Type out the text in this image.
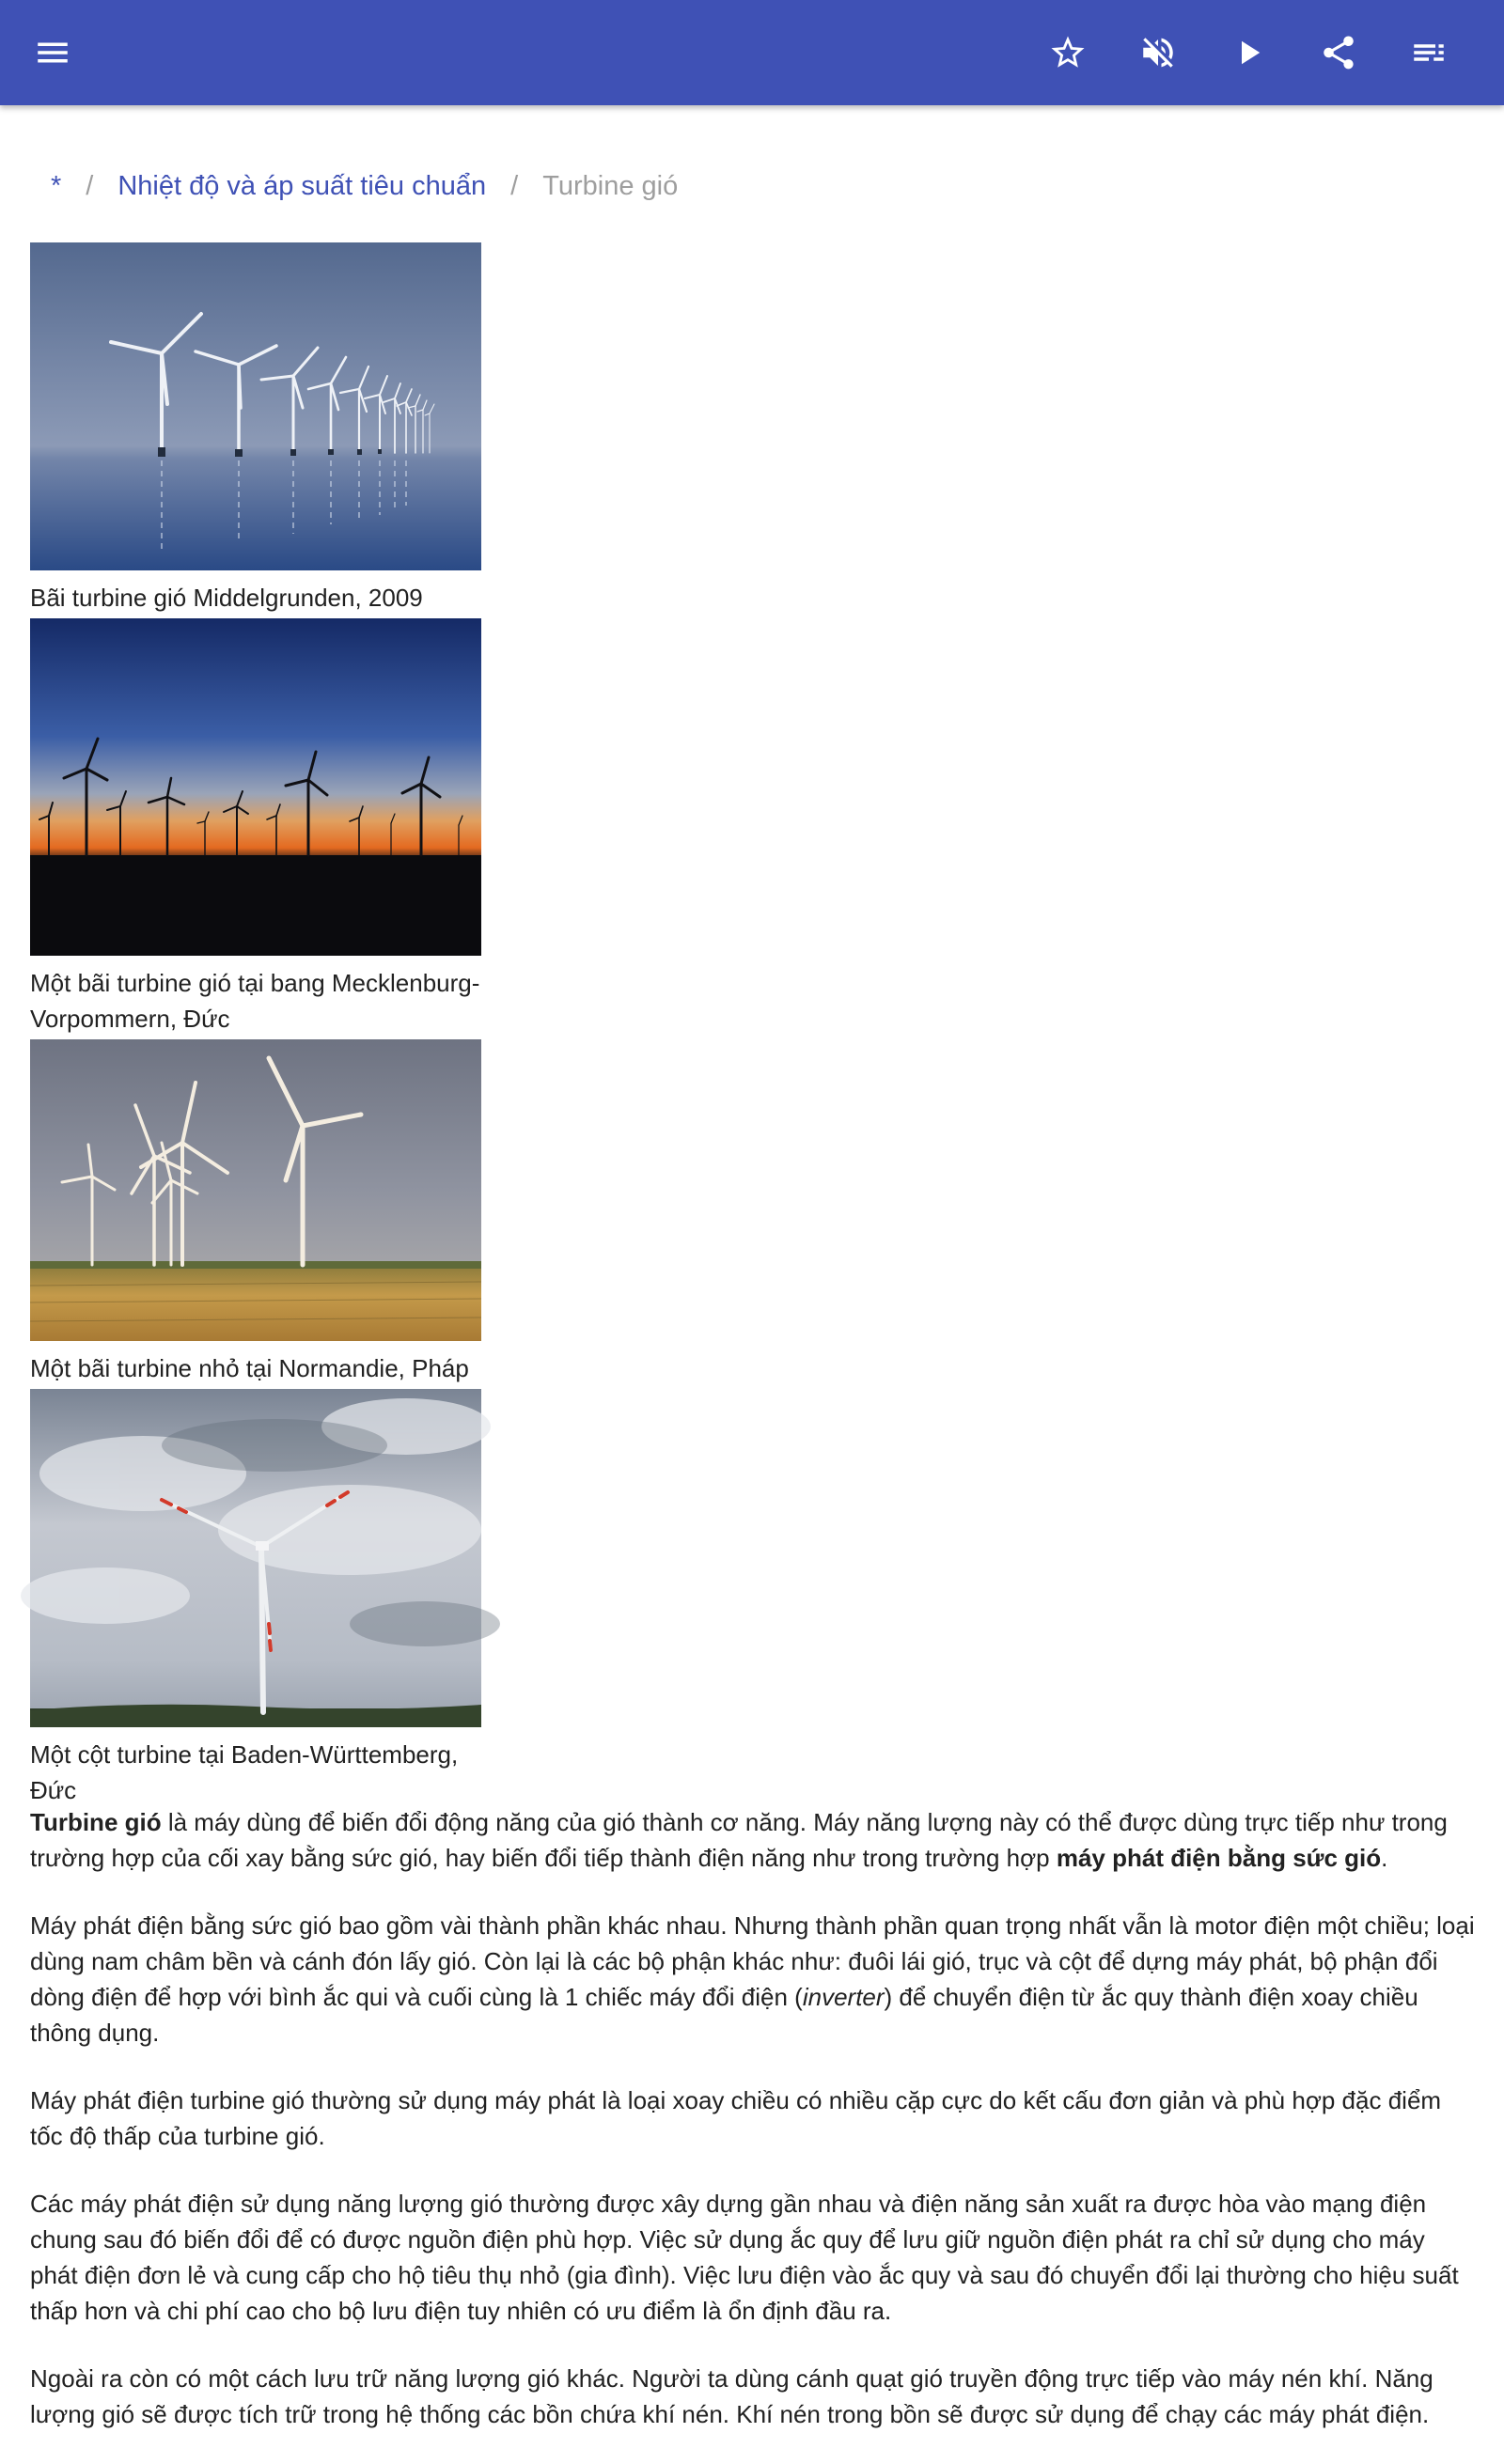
* / Nhiệt độ và áp suất tiêu chuẩn / Turbine gió
Bãi turbine gió Middelgrunden, 2009
Một bãi turbine gió tại bang Mecklenburg-Vorpommern, Đức
Một bãi turbine nhỏ tại Normandie, Pháp
Một cột turbine tại Baden-Württemberg, Đức

Turbine gió là máy dùng để biến đổi động năng của gió thành cơ năng. Máy năng lượng này có thể được dùng trực tiếp như trong trường hợp của cối xay bằng sức gió, hay biến đổi tiếp thành điện năng như trong trường hợp máy phát điện bằng sức gió.

Máy phát điện bằng sức gió bao gồm vài thành phần khác nhau. Nhưng thành phần quan trọng nhất vẫn là motor điện một chiều; loại dùng nam châm bền và cánh đón lấy gió. Còn lại là các bộ phận khác như: đuôi lái gió, trục và cột để dựng máy phát, bộ phận đổi dòng điện để hợp với bình ắc qui và cuối cùng là 1 chiếc máy đổi điện (inverter) để chuyển điện từ ắc quy thành điện xoay chiều thông dụng.

Máy phát điện turbine gió thường sử dụng máy phát là loại xoay chiều có nhiều cặp cực do kết cấu đơn giản và phù hợp đặc điểm tốc độ thấp của turbine gió.

Các máy phát điện sử dụng năng lượng gió thường được xây dựng gần nhau và điện năng sản xuất ra được hòa vào mạng điện chung sau đó biến đổi để có được nguồn điện phù hợp. Việc sử dụng ắc quy để lưu giữ nguồn điện phát ra chỉ sử dụng cho máy phát điện đơn lẻ và cung cấp cho hộ tiêu thụ nhỏ (gia đình). Việc lưu điện vào ắc quy và sau đó chuyển đổi lại thường cho hiệu suất thấp hơn và chi phí cao cho bộ lưu điện tuy nhiên có ưu điểm là ổn định đầu ra.

Ngoài ra còn có một cách lưu trữ năng lượng gió khác. Người ta dùng cánh quạt gió truyền động trực tiếp vào máy nén khí. Năng lượng gió sẽ được tích trữ trong hệ thống các bồn chứa khí nén. Khí nén trong bồn sẽ được sử dụng để chạy các máy phát điện.
